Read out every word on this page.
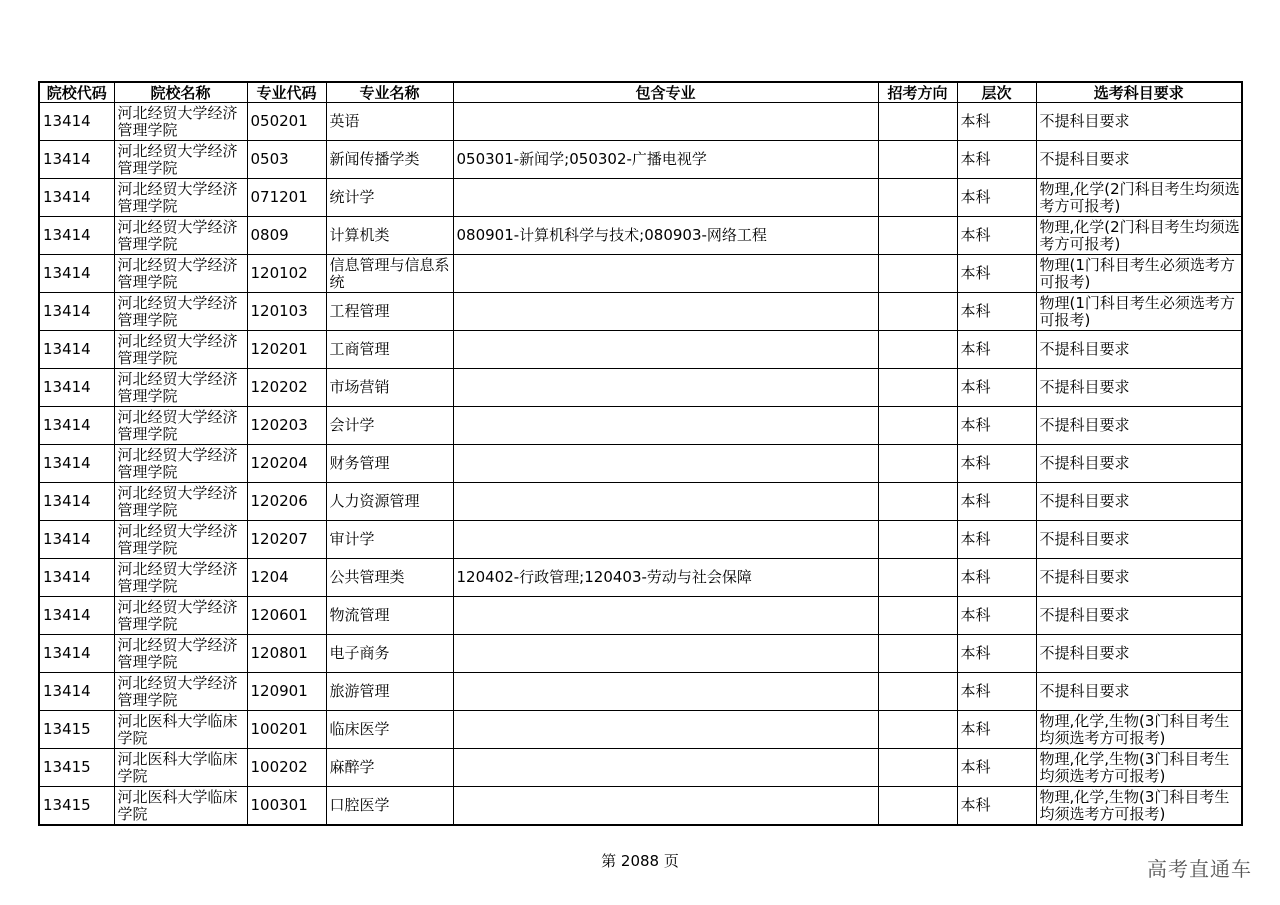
院校代码	院校名称	专业代码	专业名称	包含专业	招考方向	层次	选考科目要求
13414	河北经贸大学经济管理学院	050201	英语			本科	不提科目要求
13414	河北经贸大学经济管理学院	0503	新闻传播学类	050301-新闻学;050302-广播电视学		本科	不提科目要求
13414	河北经贸大学经济管理学院	071201	统计学			本科	物理,化学(2门科目考生均须选考方可报考)
13414	河北经贸大学经济管理学院	0809	计算机类	080901-计算机科学与技术;080903-网络工程		本科	物理,化学(2门科目考生均须选考方可报考)
13414	河北经贸大学经济管理学院	120102	信息管理与信息系统			本科	物理(1门科目考生必须选考方可报考)
13414	河北经贸大学经济管理学院	120103	工程管理			本科	物理(1门科目考生必须选考方可报考)
13414	河北经贸大学经济管理学院	120201	工商管理			本科	不提科目要求
13414	河北经贸大学经济管理学院	120202	市场营销			本科	不提科目要求
13414	河北经贸大学经济管理学院	120203	会计学			本科	不提科目要求
13414	河北经贸大学经济管理学院	120204	财务管理			本科	不提科目要求
13414	河北经贸大学经济管理学院	120206	人力资源管理			本科	不提科目要求
13414	河北经贸大学经济管理学院	120207	审计学			本科	不提科目要求
13414	河北经贸大学经济管理学院	1204	公共管理类	120402-行政管理;120403-劳动与社会保障		本科	不提科目要求
13414	河北经贸大学经济管理学院	120601	物流管理			本科	不提科目要求
13414	河北经贸大学经济管理学院	120801	电子商务			本科	不提科目要求
13414	河北经贸大学经济管理学院	120901	旅游管理			本科	不提科目要求
13415	河北医科大学临床学院	100201	临床医学			本科	物理,化学,生物(3门科目考生均须选考方可报考)
13415	河北医科大学临床学院	100202	麻醉学			本科	物理,化学,生物(3门科目考生均须选考方可报考)
13415	河北医科大学临床学院	100301	口腔医学			本科	物理,化学,生物(3门科目考生均须选考方可报考)
第 2088 页	高考直通车
